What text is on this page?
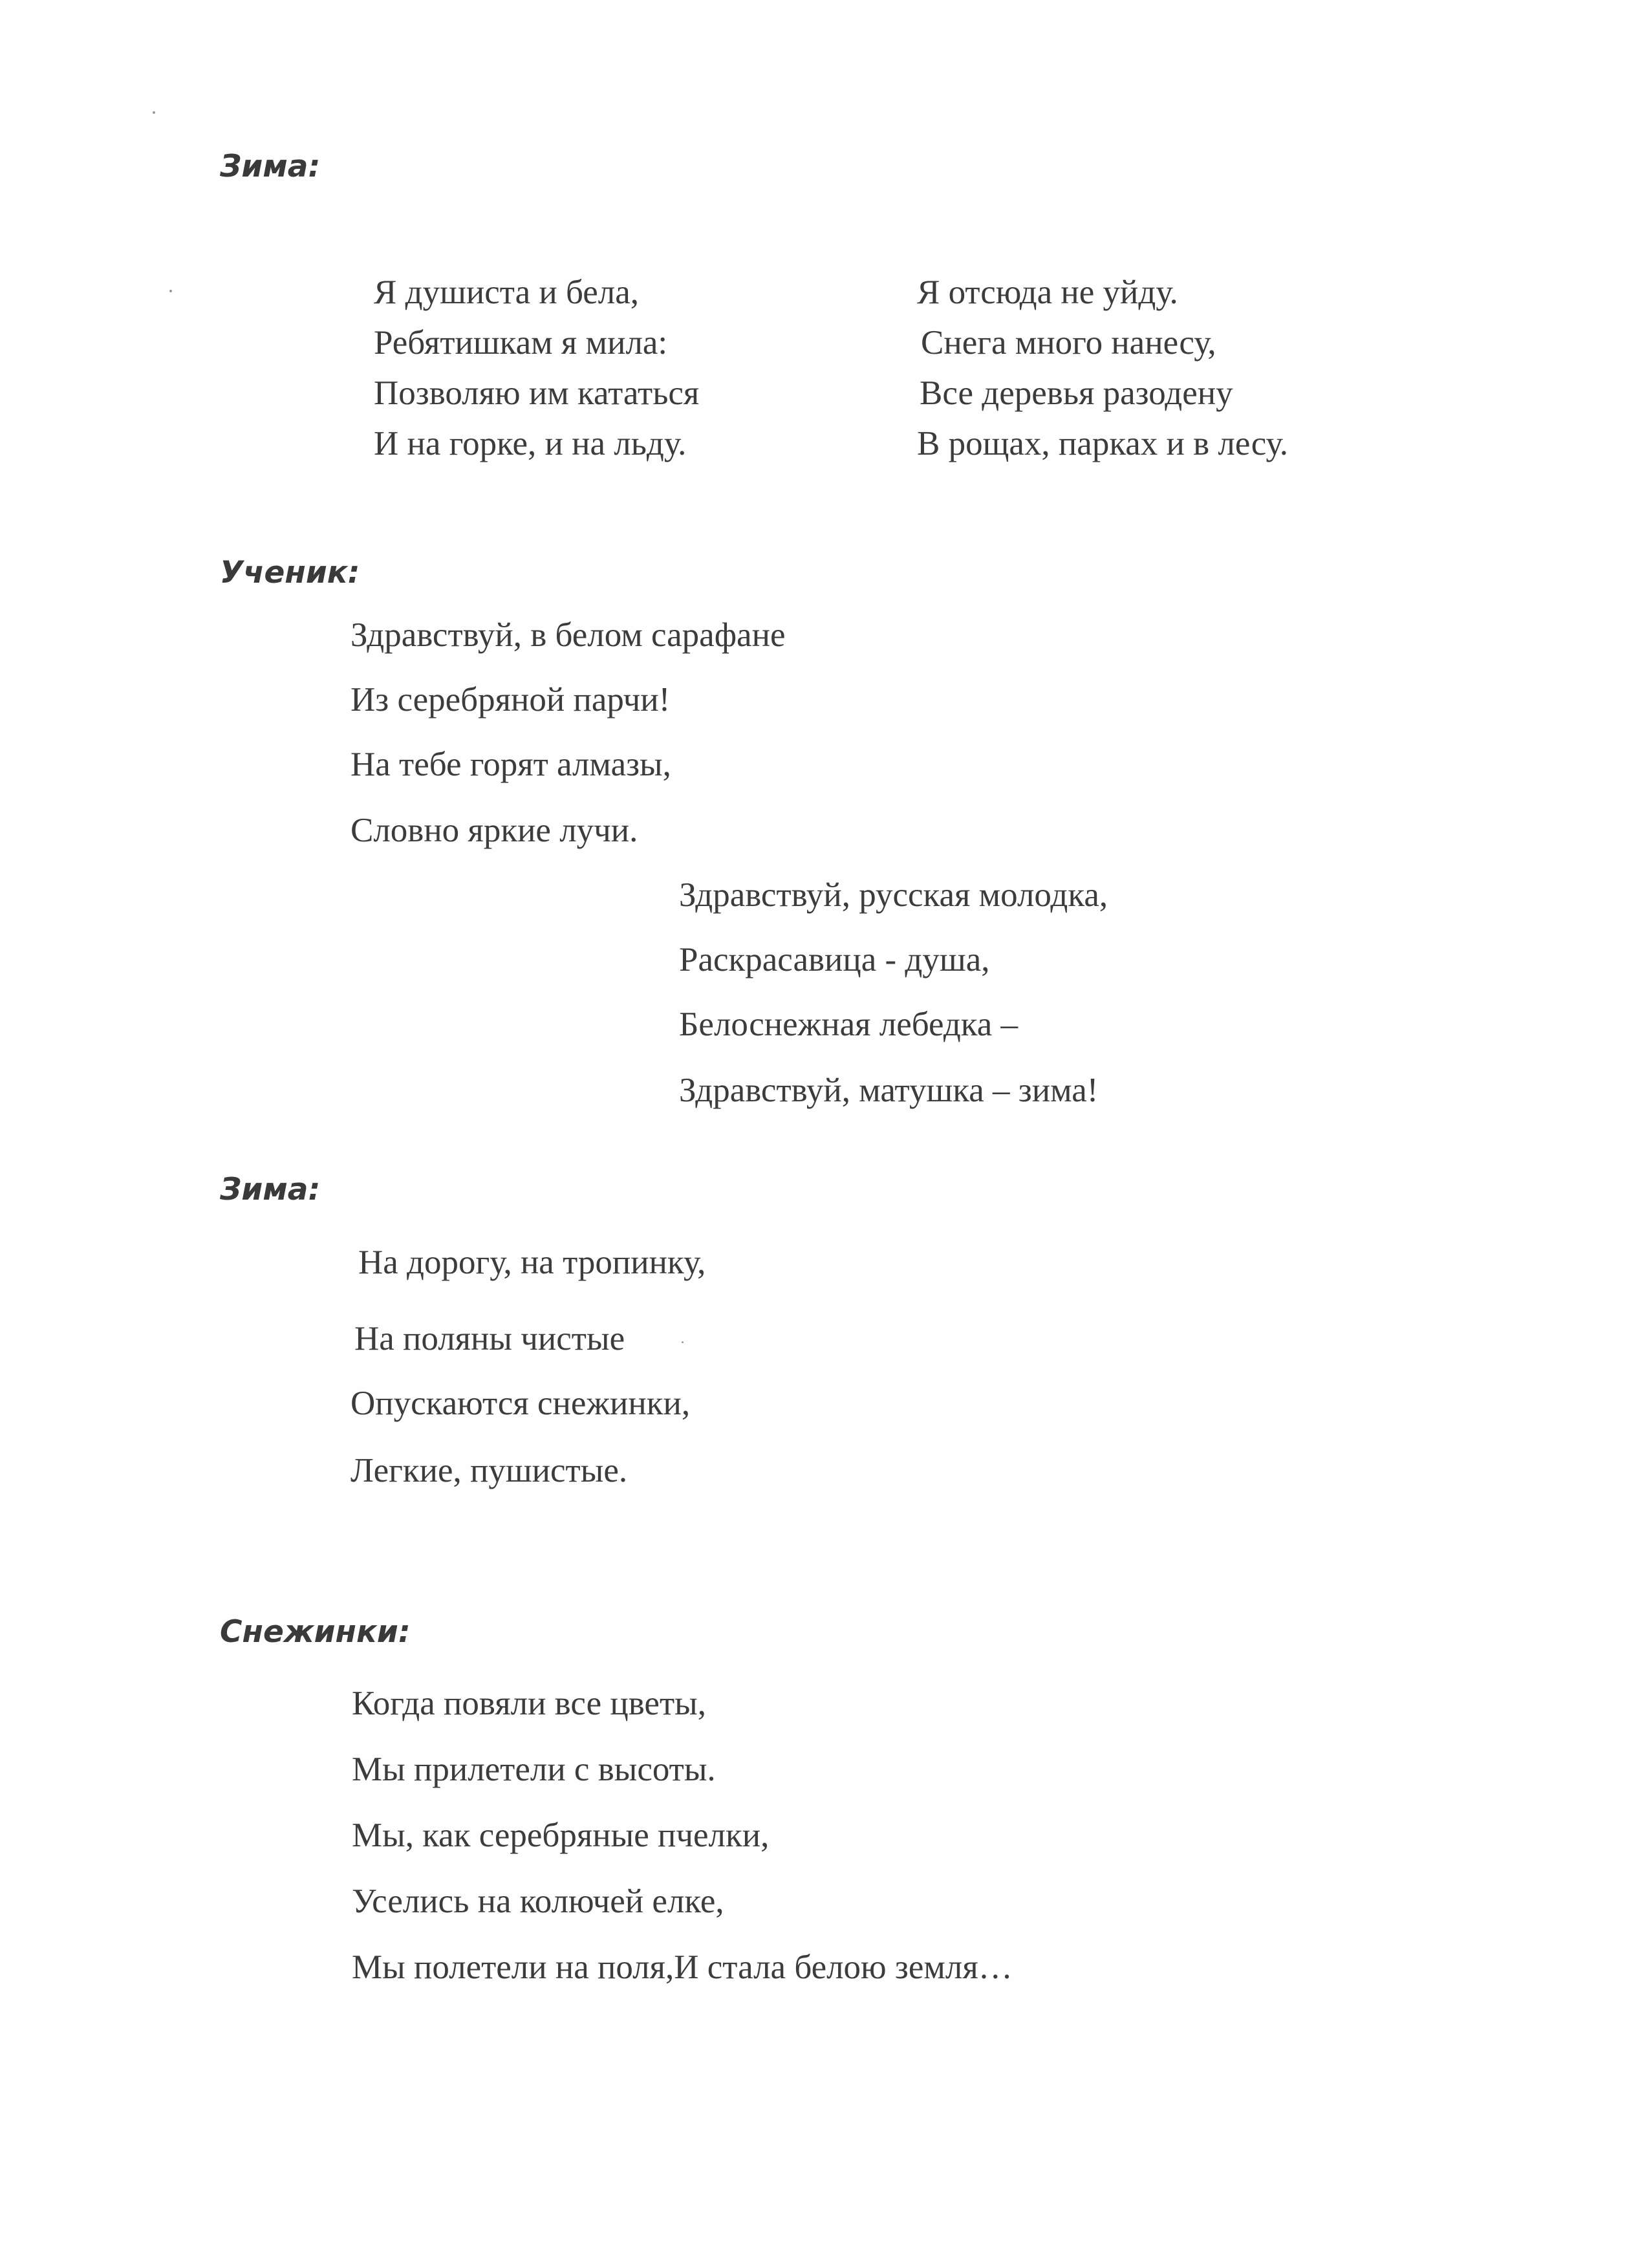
Зима:
Я душиста и бела,
Ребятишкам я мила:
Позволяю им кататься
И на горке, и на льду.
Я отсюда не уйду.
Снега много нанесу,
Все деревья разодену
В рощах, парках и в лесу.
Ученик:
Здравствуй, в белом сарафане
Из серебряной парчи!
На тебе горят алмазы,
Словно яркие лучи.
Здравствуй, русская молодка,
Раскрасавица - душа,
Белоснежная лебедка –
Здравствуй, матушка – зима!
Зима:
На дорогу, на тропинку,
На поляны чистые
Опускаются снежинки,
Легкие, пушистые.
Снежинки:
Когда повяли все цветы,
Мы прилетели с высоты.
Мы, как серебряные пчелки,
Уселись на колючей елке,
Мы полетели на поля,И стала белою земля…
